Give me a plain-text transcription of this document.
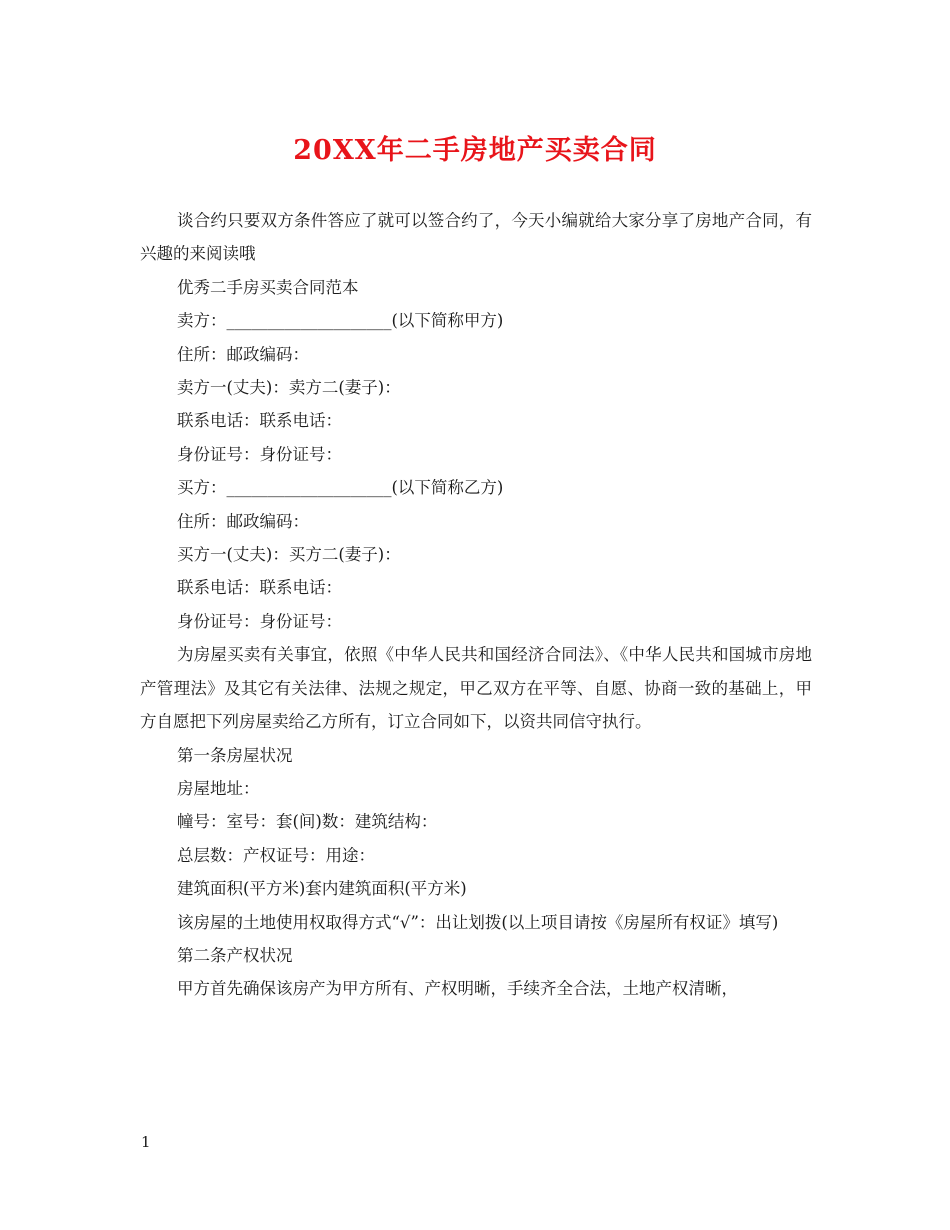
20XX年二手房地产买卖合同

谈合约只要双方条件答应了就可以签合约了，今天小编就给大家分享了房地产合同，有兴趣的来阅读哦

优秀二手房买卖合同范本

卖方：____________________(以下简称甲方)

住所：邮政编码：

卖方一(丈夫)：卖方二(妻子)：

联系电话：联系电话：

身份证号：身份证号：

买方：____________________(以下简称乙方)

住所：邮政编码：

买方一(丈夫)：买方二(妻子)：

联系电话：联系电话：

身份证号：身份证号：

为房屋买卖有关事宜，依照《中华人民共和国经济合同法》、《中华人民共和国城市房地产管理法》及其它有关法律、法规之规定，甲乙双方在平等、自愿、协商一致的基础上，甲方自愿把下列房屋卖给乙方所有，订立合同如下，以资共同信守执行。

第一条房屋状况

房屋地址：

幢号：室号：套(间)数：建筑结构：

总层数：产权证号：用途：

建筑面积(平方米)套内建筑面积(平方米)

该房屋的土地使用权取得方式“√”：出让划拨(以上项目请按《房屋所有权证》填写)

第二条产权状况

甲方首先确保该房产为甲方所有、产权明晰，手续齐全合法，土地产权清晰，

1
